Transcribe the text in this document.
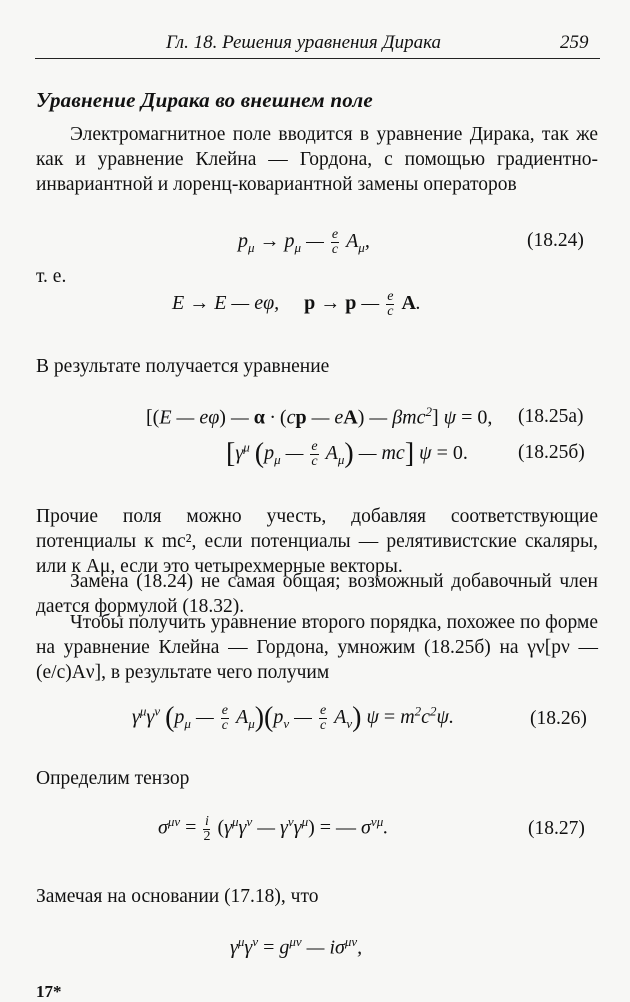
Гл. 18. Решения уравнения Дирака	259
Уравнение Дирака во внешнем поле
Электромагнитное поле вводится в уравнение Дирака, так же как и уравнение Клейна — Гордона, с помощью градиентно-инвариантной и лоренц-ковариантной замены операторов
$p_\mu \to p_\mu$ — $\frac{e}{c} A_\mu$,	(18.24)
т. е.
E → E — eφ,     p → p — $\frac{e}{c} A$.
В результате получается уравнение
[(E — eφ) — α · (cp — eA) — βmc$^2$] ψ = 0, (18.25a)
[$\gamma^\mu$ ($p_\mu$ — $\frac{e}{c} A_\mu$) — mc] ψ = 0.	(18.25б)
Прочие поля можно учесть, добавляя соответствующие потенциалы к mc², если потенциалы — релятивистские скаляры, или к Aμ, если это четырехмерные векторы.
Замена (18.24) не самая общая; возможный добавочный член дается формулой (18.32).
Чтобы получить уравнение второго порядка, похожее по форме на уравнение Клейна — Гордона, умножим (18.25б) на γν[pν — (e/c)Aν], в результате чего получим
$\gamma^\mu\gamma^\nu$ ($p_\mu$ — $\frac{e}{c} A_\mu)(p_\nu$ — $\frac{e}{c} A_\nu$) $\psi = m^2c^2\psi$.	(18.26)
Определим тензор
$\sigma^{\mu\nu} = \frac{i}{2} (\gamma^\mu\gamma^\nu$ — $\gamma^\nu\gamma^\mu$) = — $\sigma^{\nu\mu}$.	(18.27)
Замечая на основании (17.18), что
$\gamma^\mu\gamma^\nu = g^{\mu\nu}$ — $i\sigma^{\mu\nu}$,
17*
